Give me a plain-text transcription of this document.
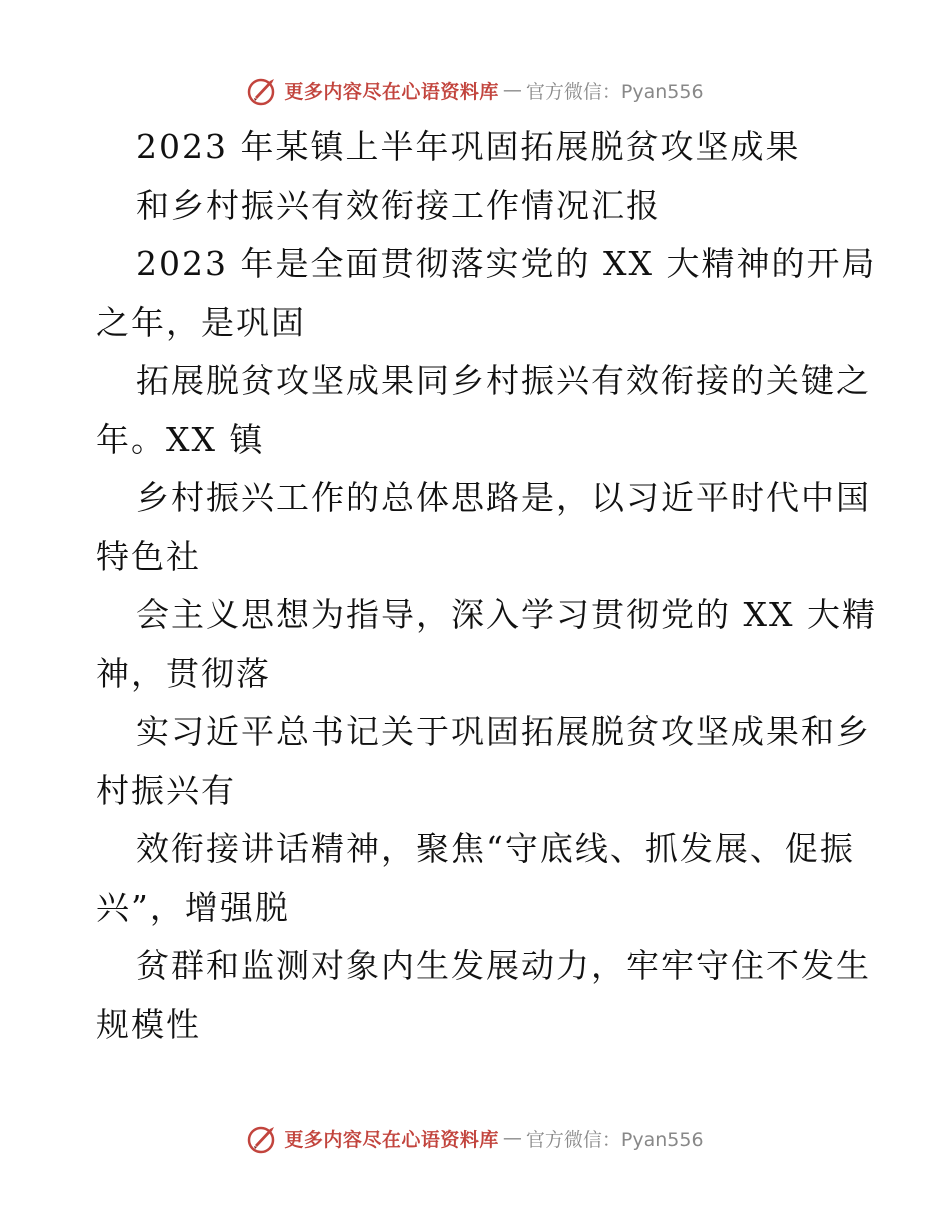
更多内容尽在心语资料库 — 官方微信：Pyan556
2023 年某镇上半年巩固拓展脱贫攻坚成果
和乡村振兴有效衔接工作情况汇报
2023 年是全面贯彻落实党的 XX 大精神的开局
之年，是巩固
拓展脱贫攻坚成果同乡村振兴有效衔接的关键之
年。XX 镇
乡村振兴工作的总体思路是，以习近平时代中国
特色社
会主义思想为指导，深入学习贯彻党的 XX 大精
神，贯彻落
实习近平总书记关于巩固拓展脱贫攻坚成果和乡
村振兴有
效衔接讲话精神，聚焦“守底线、抓发展、促振
兴”，增强脱
贫群和监测对象内生发展动力，牢牢守住不发生
规模性
更多内容尽在心语资料库 — 官方微信：Pyan556
